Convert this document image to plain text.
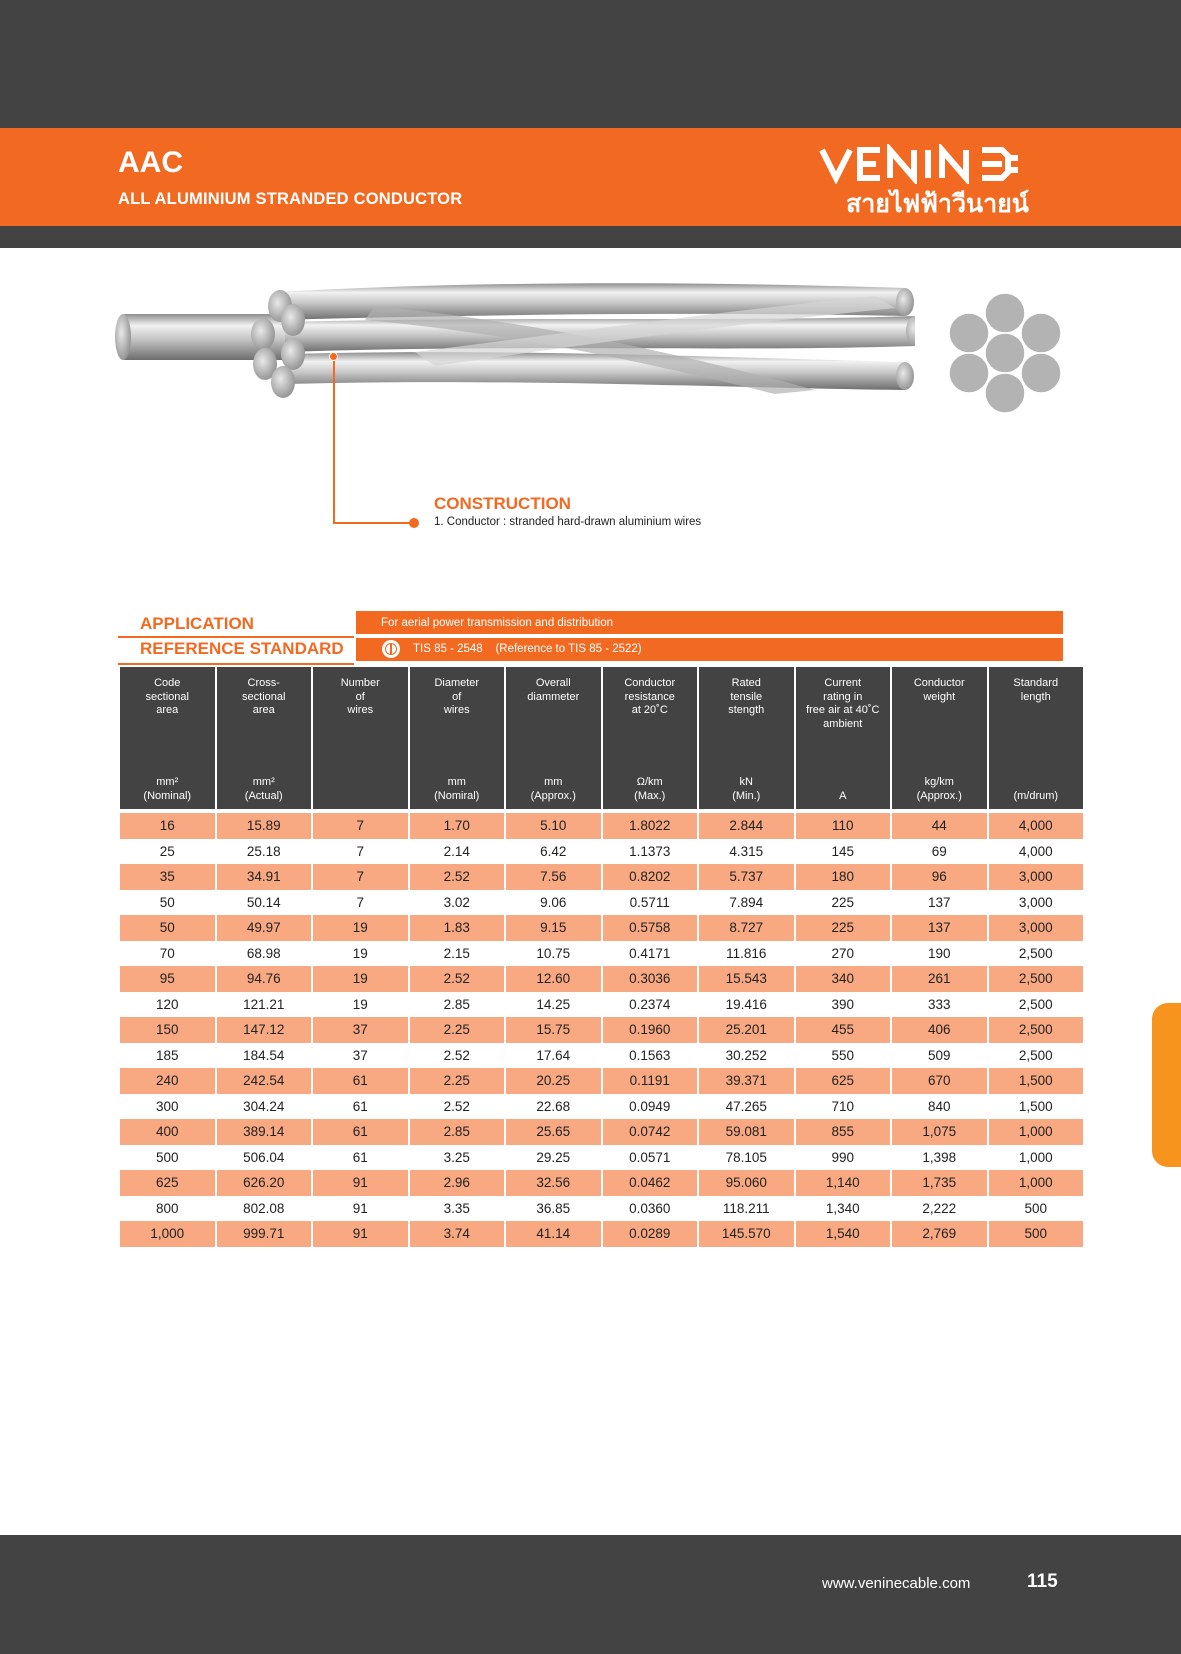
AAC
ALL ALUMINIUM STRANDED CONDUCTOR	สายไฟฟ้าวีนายน์
CONSTRUCTION
1. Conductor : stranded hard-drawn aluminium wires
APPLICATION	For aerial power transmission and distribution
REFERENCE STANDARD	TIS 85 - 2548    (Reference to TIS 85 - 2522)
Code
sectional
area
mm²
(Nominal)	Cross-
sectional
area
mm²
(Actual)	Number
of
wires	Diameter
of
wires
mm
(Nomiral)	Overall
diammeter
mm
(Approx.)	Conductor
resistance
at 20˚C
Ω/km
(Max.)	Rated
tensile
stength
kN
(Min.)	Current
rating in
free air at 40˚C
ambient
A	Conductor
weight
kg/km
(Approx.)	Standard
length
(m/drum)

16	15.89	7	1.70	5.10	1.8022	2.844	110	44	4,000
25	25.18	7	2.14	6.42	1.1373	4.315	145	69	4,000
35	34.91	7	2.52	7.56	0.8202	5.737	180	96	3,000
50	50.14	7	3.02	9.06	0.5711	7.894	225	137	3,000
50	49.97	19	1.83	9.15	0.5758	8.727	225	137	3,000
70	68.98	19	2.15	10.75	0.4171	11.816	270	190	2,500
95	94.76	19	2.52	12.60	0.3036	15.543	340	261	2,500
120	121.21	19	2.85	14.25	0.2374	19.416	390	333	2,500
150	147.12	37	2.25	15.75	0.1960	25.201	455	406	2,500
185	184.54	37	2.52	17.64	0.1563	30.252	550	509	2,500
240	242.54	61	2.25	20.25	0.1191	39.371	625	670	1,500
300	304.24	61	2.52	22.68	0.0949	47.265	710	840	1,500
400	389.14	61	2.85	25.65	0.0742	59.081	855	1,075	1,000
500	506.04	61	3.25	29.25	0.0571	78.105	990	1,398	1,000
625	626.20	91	2.96	32.56	0.0462	95.060	1,140	1,735	1,000
800	802.08	91	3.35	36.85	0.0360	118.211	1,340	2,222	500
1,000	999.71	91	3.74	41.14	0.0289	145.570	1,540	2,769	500
www.veninecable.com	115
